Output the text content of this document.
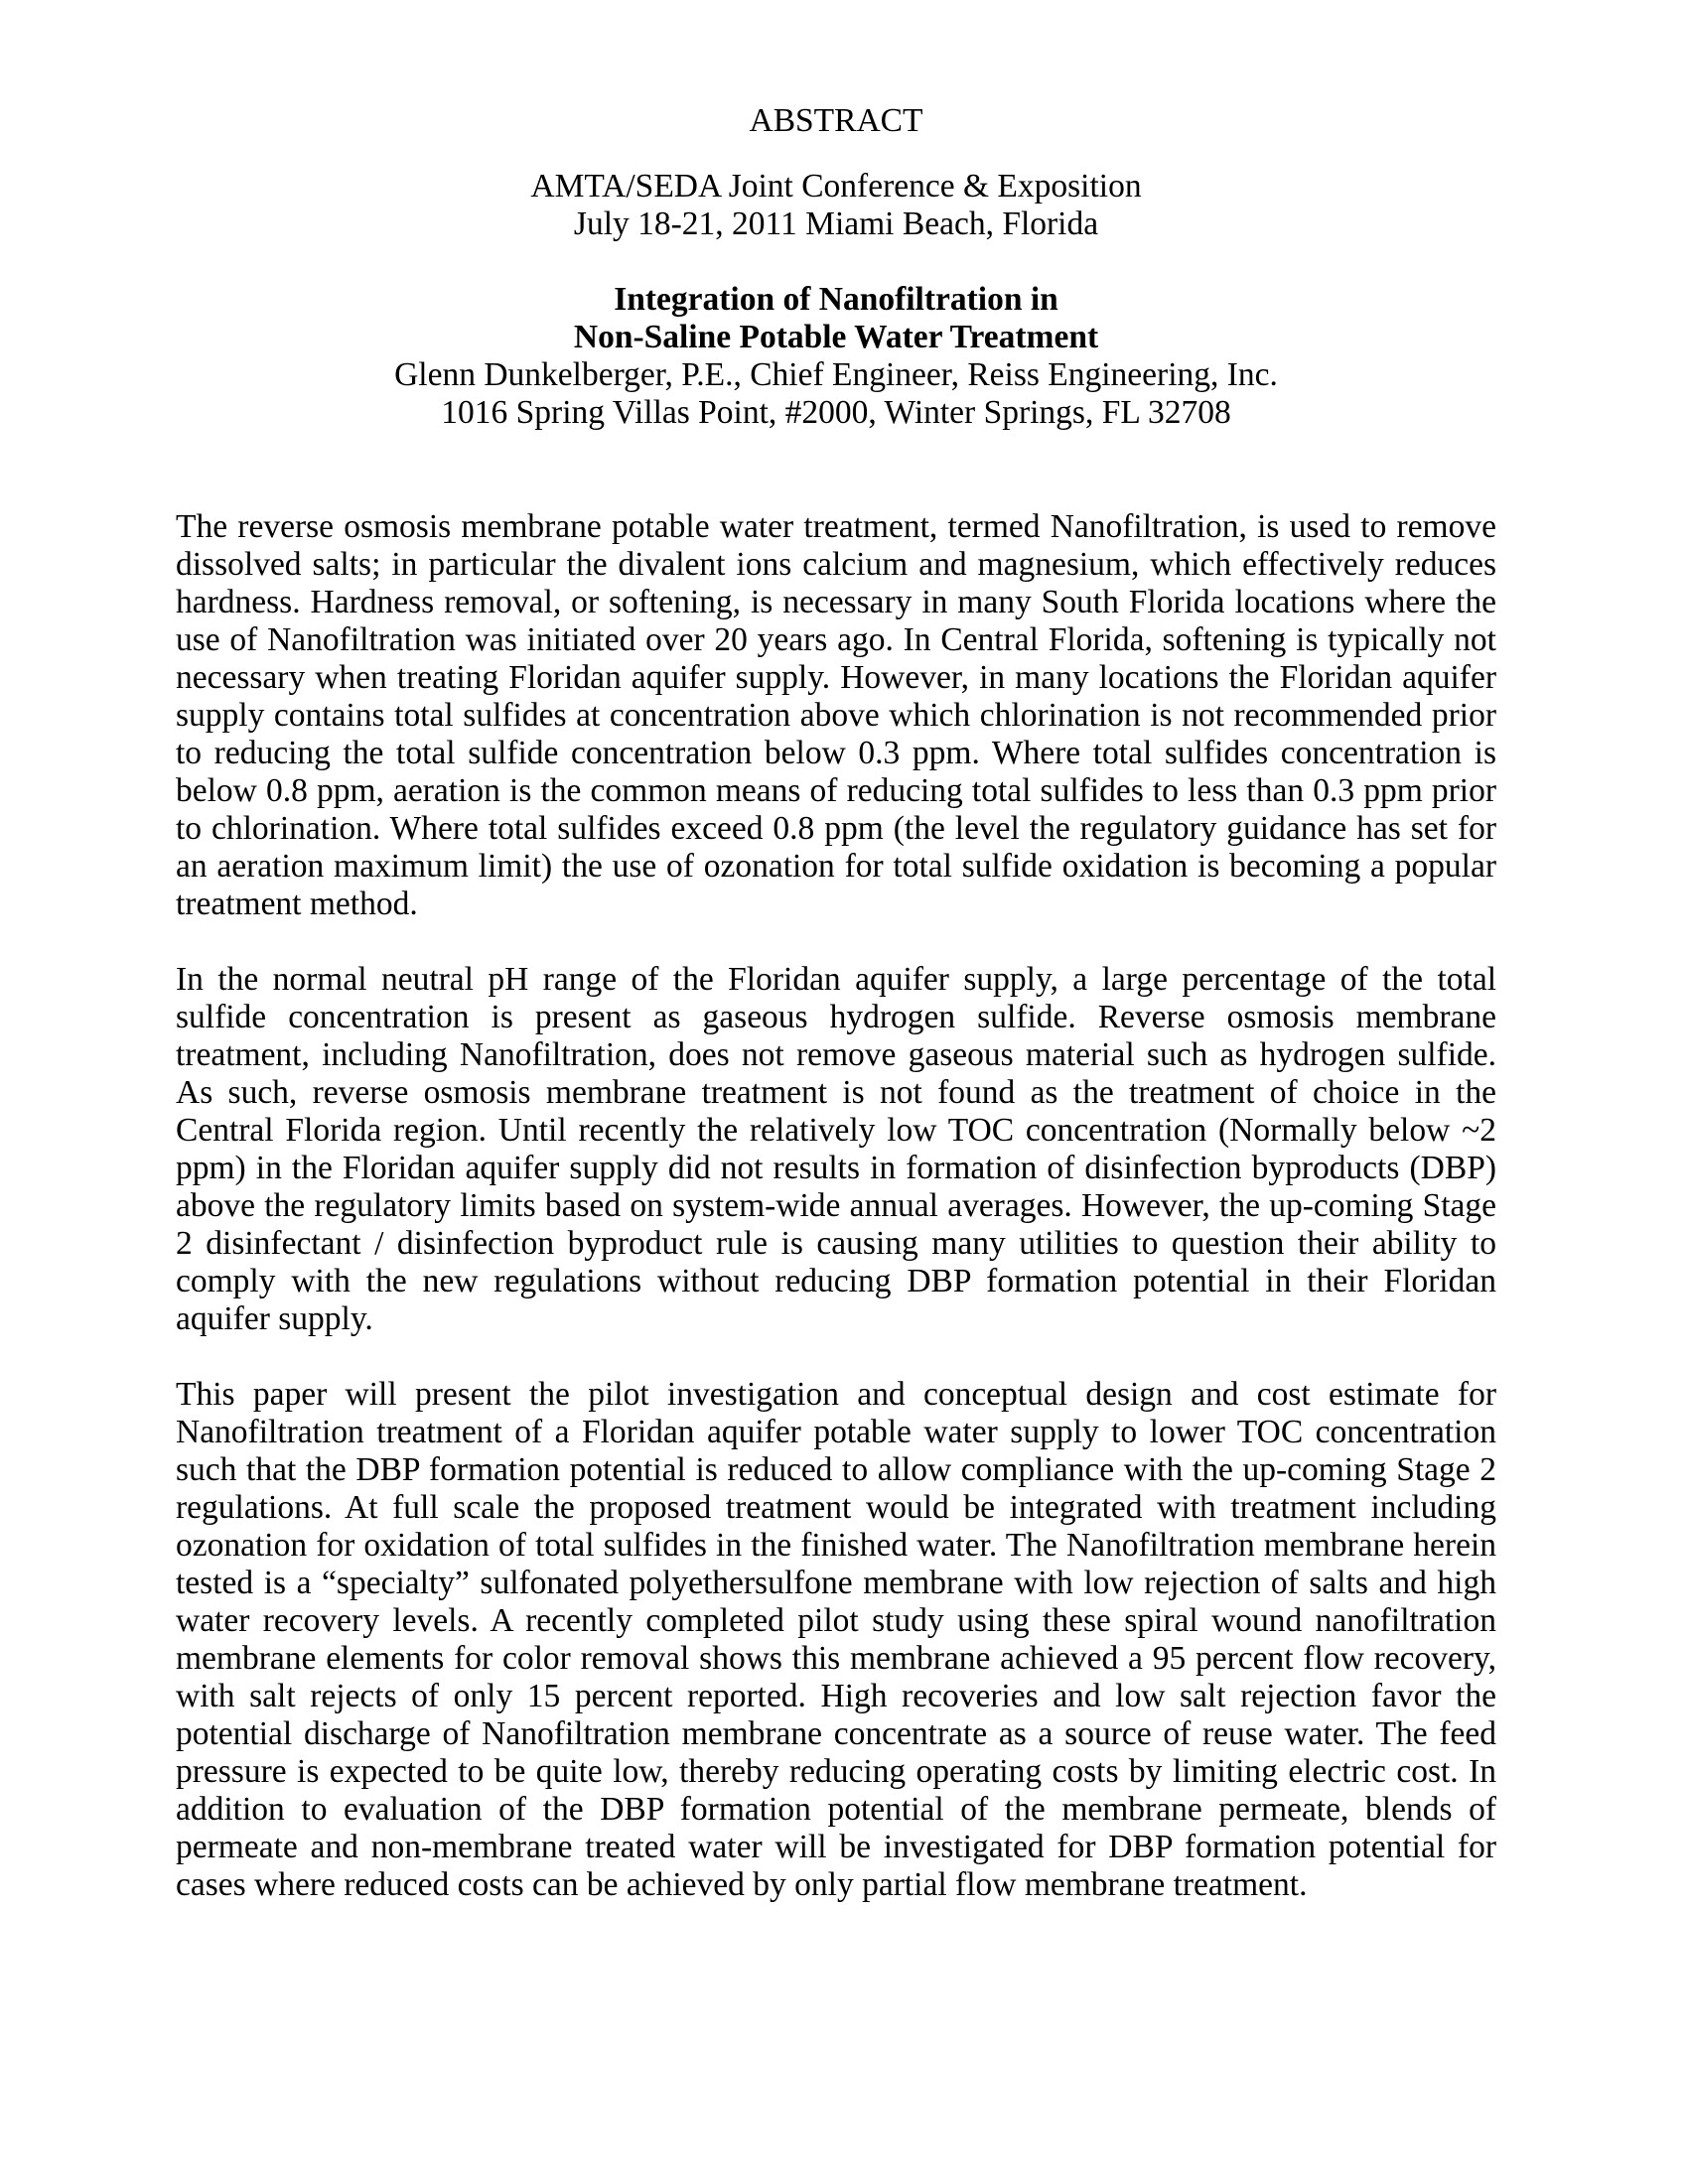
ABSTRACT
AMTA/SEDA Joint Conference & Exposition
July 18-21, 2011 Miami Beach, Florida
Integration of Nanofiltration in
Non-Saline Potable Water Treatment
Glenn Dunkelberger, P.E., Chief Engineer, Reiss Engineering, Inc.
1016 Spring Villas Point, #2000, Winter Springs, FL 32708

The reverse osmosis membrane potable water treatment, termed Nanofiltration, is used to remove dissolved salts; in particular the divalent ions calcium and magnesium, which effectively reduces hardness. Hardness removal, or softening, is necessary in many South Florida locations where the use of Nanofiltration was initiated over 20 years ago. In Central Florida, softening is typically not necessary when treating Floridan aquifer supply. However, in many locations the Floridan aquifer supply contains total sulfides at concentration above which chlorination is not recommended prior to reducing the total sulfide concentration below 0.3 ppm. Where total sulfides concentration is below 0.8 ppm, aeration is the common means of reducing total sulfides to less than 0.3 ppm prior to chlorination. Where total sulfides exceed 0.8 ppm (the level the regulatory guidance has set for an aeration maximum limit) the use of ozonation for total sulfide oxidation is becoming a popular treatment method.

In the normal neutral pH range of the Floridan aquifer supply, a large percentage of the total sulfide concentration is present as gaseous hydrogen sulfide. Reverse osmosis membrane treatment, including Nanofiltration, does not remove gaseous material such as hydrogen sulfide. As such, reverse osmosis membrane treatment is not found as the treatment of choice in the Central Florida region. Until recently the relatively low TOC concentration (Normally below ~2 ppm) in the Floridan aquifer supply did not results in formation of disinfection byproducts (DBP) above the regulatory limits based on system-wide annual averages. However, the up-coming Stage 2 disinfectant / disinfection byproduct rule is causing many utilities to question their ability to comply with the new regulations without reducing DBP formation potential in their Floridan aquifer supply.

This paper will present the pilot investigation and conceptual design and cost estimate for Nanofiltration treatment of a Floridan aquifer potable water supply to lower TOC concentration such that the DBP formation potential is reduced to allow compliance with the up-coming Stage 2 regulations. At full scale the proposed treatment would be integrated with treatment including ozonation for oxidation of total sulfides in the finished water. The Nanofiltration membrane herein tested is a “specialty” sulfonated polyethersulfone membrane with low rejection of salts and high water recovery levels. A recently completed pilot study using these spiral wound nanofiltration membrane elements for color removal shows this membrane achieved a 95 percent flow recovery, with salt rejects of only 15 percent reported. High recoveries and low salt rejection favor the potential discharge of Nanofiltration membrane concentrate as a source of reuse water. The feed pressure is expected to be quite low, thereby reducing operating costs by limiting electric cost. In addition to evaluation of the DBP formation potential of the membrane permeate, blends of permeate and non-membrane treated water will be investigated for DBP formation potential for cases where reduced costs can be achieved by only partial flow membrane treatment.
